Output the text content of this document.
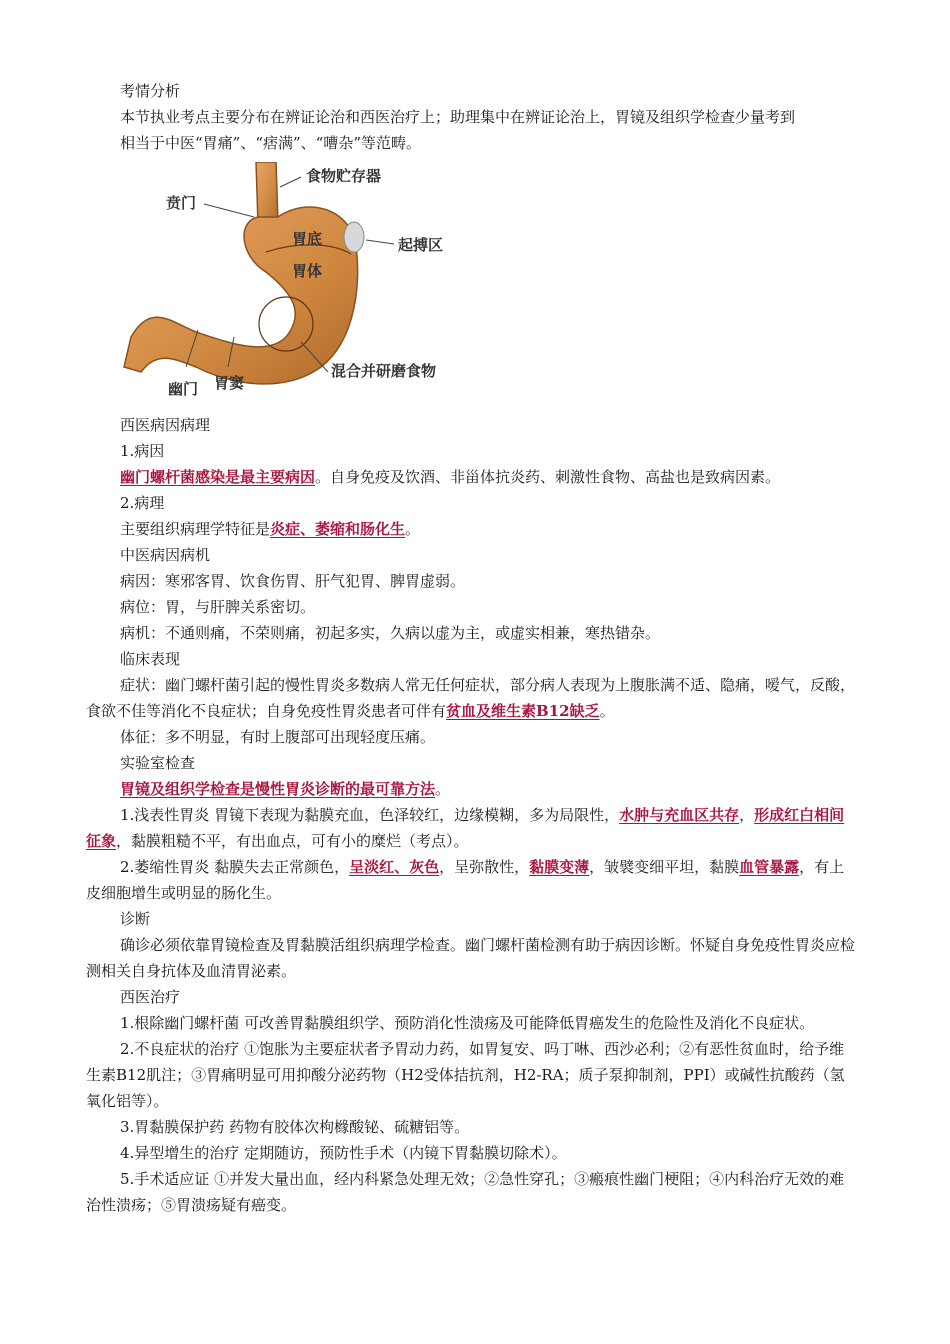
考情分析

本节执业考点主要分布在辨证论治和西医治疗上；助理集中在辨证论治上，胃镜及组织学检查少量考到

相当于中医“胃痛”、“痞满”、“嘈杂”等范畴。

食物贮存器
贲门
胃底	起搏区
胃体
混合并研磨食物
幽门 胃窦

西医病因病理

1.病因

幽门螺杆菌感染是最主要病因。自身免疫及饮酒、非甾体抗炎药、刺激性食物、高盐也是致病因素。

2.病理

主要组织病理学特征是炎症、萎缩和肠化生。

中医病因病机

病因：寒邪客胃、饮食伤胃、肝气犯胃、脾胃虚弱。

病位：胃，与肝脾关系密切。

病机：不通则痛，不荣则痛，初起多实，久病以虚为主，或虚实相兼，寒热错杂。

临床表现

症状：幽门螺杆菌引起的慢性胃炎多数病人常无任何症状，部分病人表现为上腹胀满不适、隐痛，嗳气，反酸，食欲不佳等消化不良症状；自身免疫性胃炎患者可伴有贫血及维生素B12缺乏。

体征：多不明显，有时上腹部可出现轻度压痛。

实验室检查

胃镜及组织学检查是慢性胃炎诊断的最可靠方法。

1.浅表性胃炎 胃镜下表现为黏膜充血，色泽较红，边缘模糊，多为局限性，水肿与充血区共存，形成红白相间征象，黏膜粗糙不平，有出血点，可有小的糜烂（考点）。

2.萎缩性胃炎 黏膜失去正常颜色，呈淡红、灰色，呈弥散性，黏膜变薄，皱襞变细平坦，黏膜血管暴露，有上皮细胞增生或明显的肠化生。

诊断

确诊必须依靠胃镜检查及胃黏膜活组织病理学检查。幽门螺杆菌检测有助于病因诊断。怀疑自身免疫性胃炎应检测相关自身抗体及血清胃泌素。

西医治疗

1.根除幽门螺杆菌 可改善胃黏膜组织学、预防消化性溃疡及可能降低胃癌发生的危险性及消化不良症状。

2.不良症状的治疗 ①饱胀为主要症状者予胃动力药，如胃复安、吗丁啉、西沙必利；②有恶性贫血时，给予维生素B12肌注；③胃痛明显可用抑酸分泌药物（H2受体拮抗剂，H2-RA；质子泵抑制剂，PPI）或碱性抗酸药（氢氧化铝等）。

3.胃黏膜保护药 药物有胶体次枸橼酸铋、硫糖铝等。

4.异型增生的治疗 定期随访，预防性手术（内镜下胃黏膜切除术）。

5.手术适应证 ①并发大量出血，经内科紧急处理无效；②急性穿孔；③瘢痕性幽门梗阻；④内科治疗无效的难治性溃疡；⑤胃溃疡疑有癌变。
